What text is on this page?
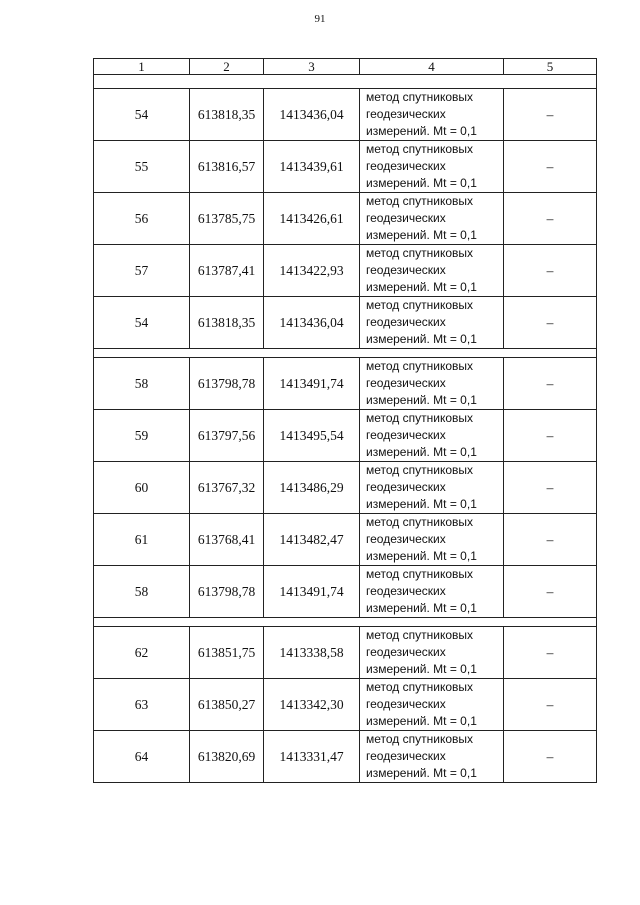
91
1	2	3	4	5

54	613818,35	1413436,04	метод спутниковых
геодезических
измерений. Mt = 0,1	–
55	613816,57	1413439,61	метод спутниковых
геодезических
измерений. Mt = 0,1	–
56	613785,75	1413426,61	метод спутниковых
геодезических
измерений. Mt = 0,1	–
57	613787,41	1413422,93	метод спутниковых
геодезических
измерений. Mt = 0,1	–
54	613818,35	1413436,04	метод спутниковых
геодезических
измерений. Mt = 0,1	–

58	613798,78	1413491,74	метод спутниковых
геодезических
измерений. Mt = 0,1	–
59	613797,56	1413495,54	метод спутниковых
геодезических
измерений. Mt = 0,1	–
60	613767,32	1413486,29	метод спутниковых
геодезических
измерений. Mt = 0,1	–
61	613768,41	1413482,47	метод спутниковых
геодезических
измерений. Mt = 0,1	–
58	613798,78	1413491,74	метод спутниковых
геодезических
измерений. Mt = 0,1	–

62	613851,75	1413338,58	метод спутниковых
геодезических
измерений. Mt = 0,1	–
63	613850,27	1413342,30	метод спутниковых
геодезических
измерений. Mt = 0,1	–
64	613820,69	1413331,47	метод спутниковых
геодезических
измерений. Mt = 0,1	–
